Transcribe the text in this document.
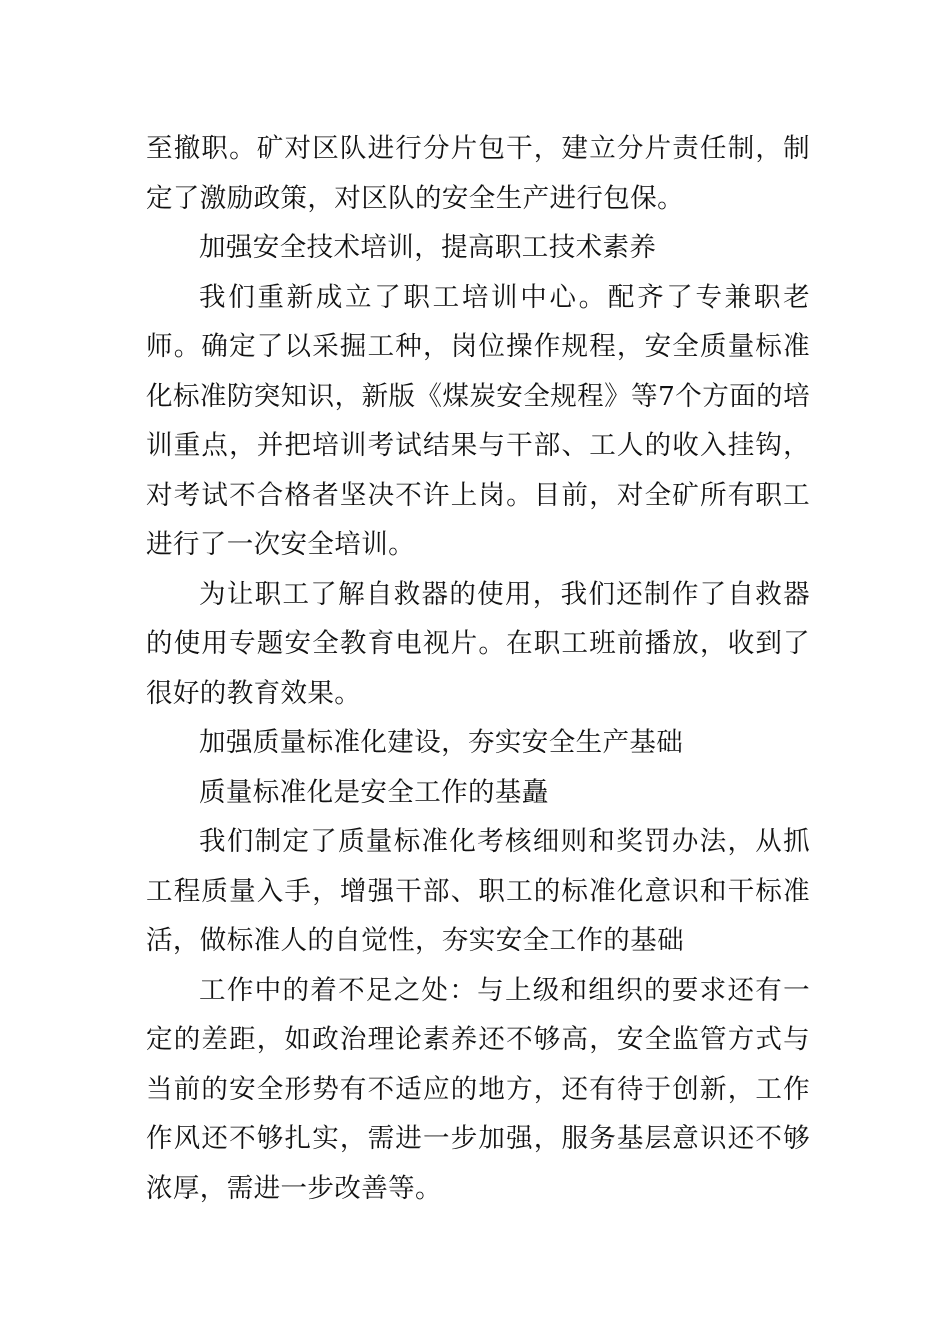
至撤职。矿对区队进行分片包干，建立分片责任制，制定了激励政策，对区队的安全生产进行包保。

加强安全技术培训，提高职工技术素养

我们重新成立了职工培训中心。配齐了专兼职老师。确定了以采掘工种，岗位操作规程，安全质量标准化标准防突知识，新版《煤炭安全规程》等7个方面的培训重点，并把培训考试结果与干部、工人的收入挂钩，对考试不合格者坚决不许上岗。目前，对全矿所有职工进行了一次安全培训。

为让职工了解自救器的使用，我们还制作了自救器的使用专题安全教育电视片。在职工班前播放，收到了很好的教育效果。

加强质量标准化建设，夯实安全生产基础

质量标准化是安全工作的基矗

我们制定了质量标准化考核细则和奖罚办法，从抓工程质量入手，增强干部、职工的标准化意识和干标准活，做标准人的自觉性，夯实安全工作的基础

工作中的着不足之处：与上级和组织的要求还有一定的差距，如政治理论素养还不够高，安全监管方式与当前的安全形势有不适应的地方，还有待于创新，工作作风还不够扎实，需进一步加强，服务基层意识还不够浓厚，需进一步改善等。
